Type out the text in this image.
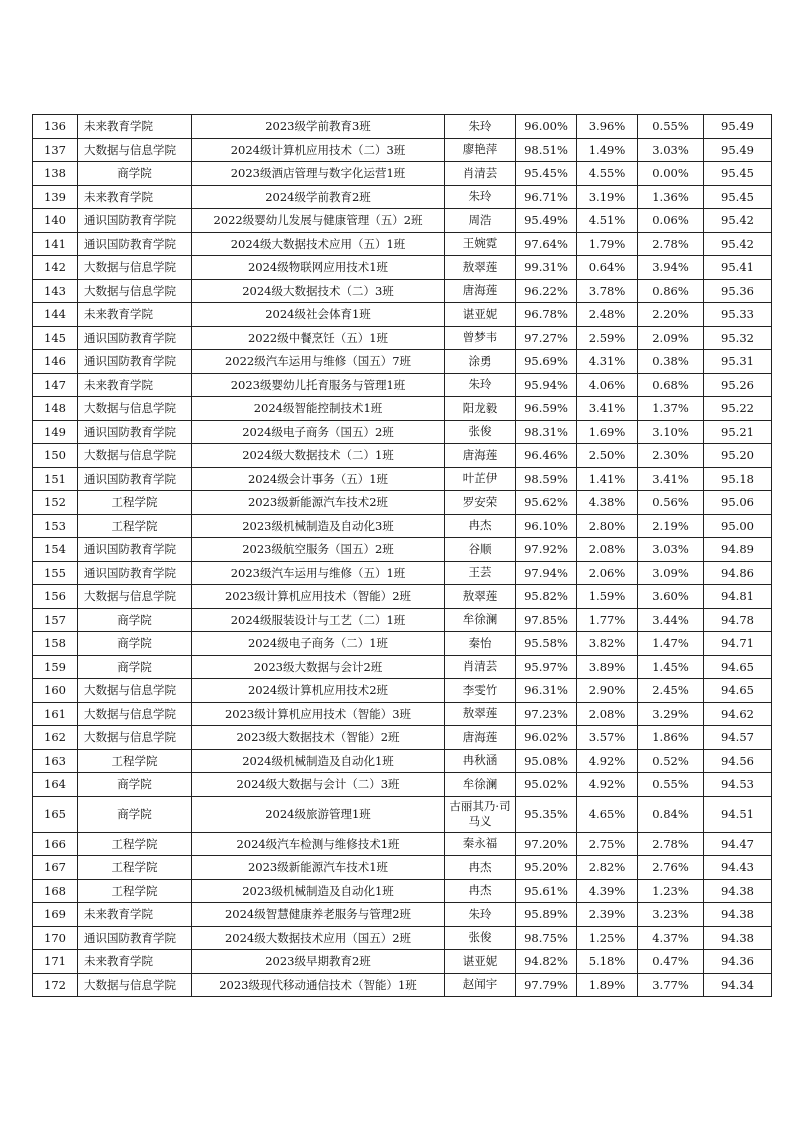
136	未来教育学院	2023级学前教育3班	朱玲	96.00%	3.96%	0.55%	95.49
137	大数据与信息学院	2024级计算机应用技术（二）3班	廖艳萍	98.51%	1.49%	3.03%	95.49
138	商学院	2023级酒店管理与数字化运营1班	肖清芸	95.45%	4.55%	0.00%	95.45
139	未来教育学院	2024级学前教育2班	朱玲	96.71%	3.19%	1.36%	95.45
140	通识国防教育学院	2022级婴幼儿发展与健康管理（五）2班	周浩	95.49%	4.51%	0.06%	95.42
141	通识国防教育学院	2024级大数据技术应用（五）1班	王婉霓	97.64%	1.79%	2.78%	95.42
142	大数据与信息学院	2024级物联网应用技术1班	敖翠莲	99.31%	0.64%	3.94%	95.41
143	大数据与信息学院	2024级大数据技术（二）3班	唐海莲	96.22%	3.78%	0.86%	95.36
144	未来教育学院	2024级社会体育1班	谌亚妮	96.78%	2.48%	2.20%	95.33
145	通识国防教育学院	2022级中餐烹饪（五）1班	曾梦韦	97.27%	2.59%	2.09%	95.32
146	通识国防教育学院	2022级汽车运用与维修（国五）7班	涂勇	95.69%	4.31%	0.38%	95.31
147	未来教育学院	2023级婴幼儿托育服务与管理1班	朱玲	95.94%	4.06%	0.68%	95.26
148	大数据与信息学院	2024级智能控制技术1班	阳龙毅	96.59%	3.41%	1.37%	95.22
149	通识国防教育学院	2024级电子商务（国五）2班	张俊	98.31%	1.69%	3.10%	95.21
150	大数据与信息学院	2024级大数据技术（二）1班	唐海莲	96.46%	2.50%	2.30%	95.20
151	通识国防教育学院	2024级会计事务（五）1班	叶芷伊	98.59%	1.41%	3.41%	95.18
152	工程学院	2023级新能源汽车技术2班	罗安荣	95.62%	4.38%	0.56%	95.06
153	工程学院	2023级机械制造及自动化3班	冉杰	96.10%	2.80%	2.19%	95.00
154	通识国防教育学院	2023级航空服务（国五）2班	谷顺	97.92%	2.08%	3.03%	94.89
155	通识国防教育学院	2023级汽车运用与维修（五）1班	王芸	97.94%	2.06%	3.09%	94.86
156	大数据与信息学院	2023级计算机应用技术（智能）2班	敖翠莲	95.82%	1.59%	3.60%	94.81
157	商学院	2024级服装设计与工艺（二）1班	牟徐澜	97.85%	1.77%	3.44%	94.78
158	商学院	2024级电子商务（二）1班	秦怡	95.58%	3.82%	1.47%	94.71
159	商学院	2023级大数据与会计2班	肖清芸	95.97%	3.89%	1.45%	94.65
160	大数据与信息学院	2024级计算机应用技术2班	李雯竹	96.31%	2.90%	2.45%	94.65
161	大数据与信息学院	2023级计算机应用技术（智能）3班	敖翠莲	97.23%	2.08%	3.29%	94.62
162	大数据与信息学院	2023级大数据技术（智能）2班	唐海莲	96.02%	3.57%	1.86%	94.57
163	工程学院	2024级机械制造及自动化1班	冉秋涵	95.08%	4.92%	0.52%	94.56
164	商学院	2024级大数据与会计（二）3班	牟徐澜	95.02%	4.92%	0.55%	94.53
165	商学院	2024级旅游管理1班	古丽其乃·司马义	95.35%	4.65%	0.84%	94.51
166	工程学院	2024级汽车检测与维修技术1班	秦永福	97.20%	2.75%	2.78%	94.47
167	工程学院	2023级新能源汽车技术1班	冉杰	95.20%	2.82%	2.76%	94.43
168	工程学院	2023级机械制造及自动化1班	冉杰	95.61%	4.39%	1.23%	94.38
169	未来教育学院	2024级智慧健康养老服务与管理2班	朱玲	95.89%	2.39%	3.23%	94.38
170	通识国防教育学院	2024级大数据技术应用（国五）2班	张俊	98.75%	1.25%	4.37%	94.38
171	未来教育学院	2023级早期教育2班	谌亚妮	94.82%	5.18%	0.47%	94.36
172	大数据与信息学院	2023级现代移动通信技术（智能）1班	赵闻宇	97.79%	1.89%	3.77%	94.34
